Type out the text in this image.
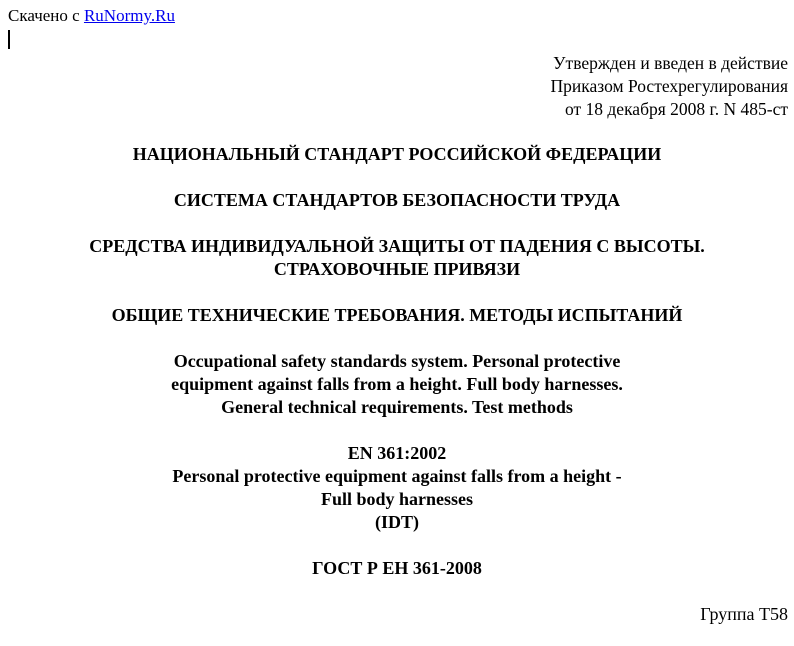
Скачено с RuNormy.Ru
Утвержден и введен в действие
Приказом Ростехрегулирования
от 18 декабря 2008 г. N 485-ст
НАЦИОНАЛЬНЫЙ СТАНДАРТ РОССИЙСКОЙ ФЕДЕРАЦИИ
СИСТЕМА СТАНДАРТОВ БЕЗОПАСНОСТИ ТРУДА
СРЕДСТВА ИНДИВИДУАЛЬНОЙ ЗАЩИТЫ ОТ ПАДЕНИЯ С ВЫСОТЫ.
СТРАХОВОЧНЫЕ ПРИВЯЗИ
ОБЩИЕ ТЕХНИЧЕСКИЕ ТРЕБОВАНИЯ. МЕТОДЫ ИСПЫТАНИЙ
Occupational safety standards system. Personal protective
equipment against falls from a height. Full body harnesses.
General technical requirements. Test methods
EN 361:2002
Personal protective equipment against falls from a height -
Full body harnesses
(IDT)
ГОСТ Р ЕН 361-2008
Группа Т58
